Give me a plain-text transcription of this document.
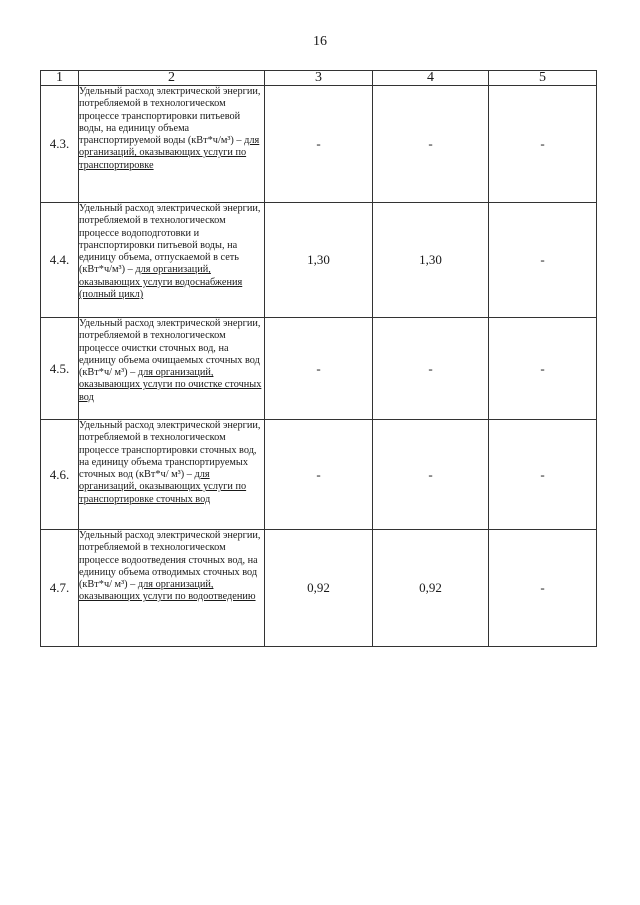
16
1	2	3	4	5
4.3.	Удельный расход электрической энергии, потребляемой в технологическом процессе транспортировки питьевой воды, на единицу объема транспортируемой воды (кВт*ч/м³) – для организаций, оказывающих услуги по транспортировке	-	-	-
4.4.	Удельный расход электрической энергии, потребляемой в технологическом процессе водоподготовки и транспортировки питьевой воды, на единицу объема, отпускаемой в сеть (кВт*ч/м³) – для организаций, оказывающих услуги водоснабжения (полный цикл)	1,30	1,30	-
4.5.	Удельный расход электрической энергии, потребляемой в технологическом процессе очистки сточных вод, на единицу объема очищаемых сточных вод (кВт*ч/ м³) – для организаций, оказывающих услуги по очистке сточных вод	-	-	-
4.6.	Удельный расход электрической энергии, потребляемой в технологическом процессе транспортировки сточных вод, на единицу объема транспортируемых сточных вод (кВт*ч/ м³) – для организаций, оказывающих услуги по транспортировке сточных вод	-	-	-
4.7.	Удельный расход электрической энергии, потребляемой в технологическом процессе водоотведения сточных вод, на единицу объема отводимых сточных вод (кВт*ч/ м³) – для организаций, оказывающих услуги по водоотведению	0,92	0,92	-
